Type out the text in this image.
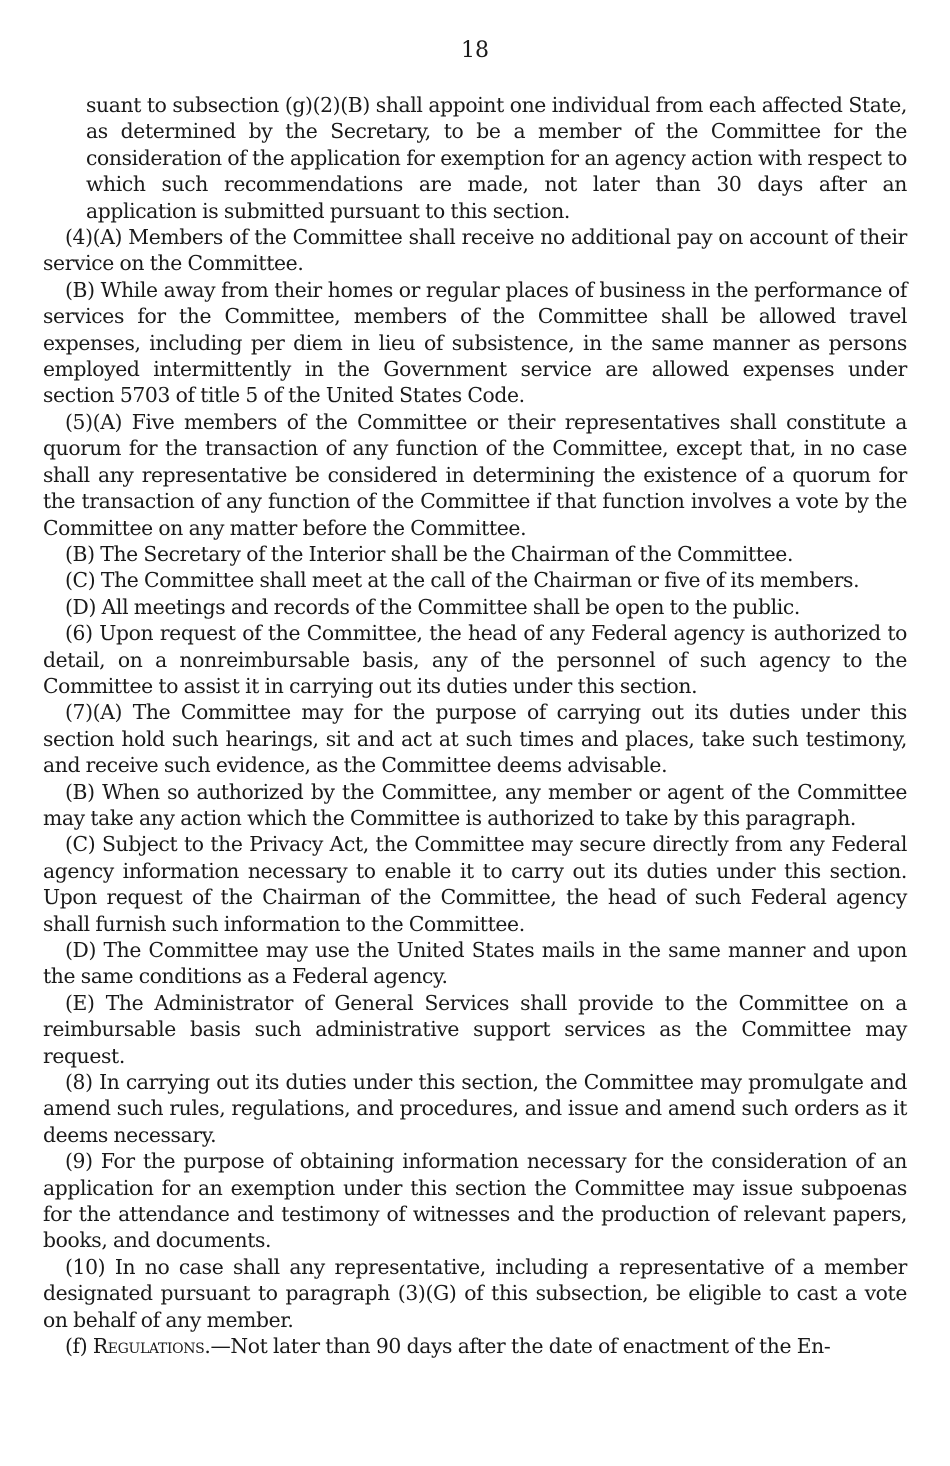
18

suant to subsection (g)(2)(B) shall appoint one individual from each affected State, as determined by the Secretary, to be a member of the Committee for the consideration of the application for exemption for an agency action with respect to which such recommendations are made, not later than 30 days after an application is submitted pursuant to this section.

(4)(A) Members of the Committee shall receive no additional pay on account of their service on the Committee.

(B) While away from their homes or regular places of business in the performance of services for the Committee, members of the Committee shall be allowed travel expenses, including per diem in lieu of subsistence, in the same manner as persons employed intermittently in the Government service are allowed expenses under section 5703 of title 5 of the United States Code.

(5)(A) Five members of the Committee or their representatives shall constitute a quorum for the transaction of any function of the Committee, except that, in no case shall any representative be considered in determining the existence of a quorum for the transaction of any function of the Committee if that function involves a vote by the Committee on any matter before the Committee.

(B) The Secretary of the Interior shall be the Chairman of the Committee.

(C) The Committee shall meet at the call of the Chairman or five of its members.

(D) All meetings and records of the Committee shall be open to the public.

(6) Upon request of the Committee, the head of any Federal agency is authorized to detail, on a nonreimbursable basis, any of the personnel of such agency to the Committee to assist it in carrying out its duties under this section.

(7)(A) The Committee may for the purpose of carrying out its duties under this section hold such hearings, sit and act at such times and places, take such testimony, and receive such evidence, as the Committee deems advisable.

(B) When so authorized by the Committee, any member or agent of the Committee may take any action which the Committee is authorized to take by this paragraph.

(C) Subject to the Privacy Act, the Committee may secure directly from any Federal agency information necessary to enable it to carry out its duties under this section. Upon request of the Chairman of the Committee, the head of such Federal agency shall furnish such information to the Committee.

(D) The Committee may use the United States mails in the same manner and upon the same conditions as a Federal agency.

(E) The Administrator of General Services shall provide to the Committee on a reimbursable basis such administrative support services as the Committee may request.

(8) In carrying out its duties under this section, the Committee may promulgate and amend such rules, regulations, and procedures, and issue and amend such orders as it deems necessary.

(9) For the purpose of obtaining information necessary for the consideration of an application for an exemption under this section the Committee may issue subpoenas for the attendance and testimony of witnesses and the production of relevant papers, books, and documents.

(10) In no case shall any representative, including a representative of a member designated pursuant to paragraph (3)(G) of this subsection, be eligible to cast a vote on behalf of any member.

(f) Regulations.—Not later than 90 days after the date of enactment of the En-
